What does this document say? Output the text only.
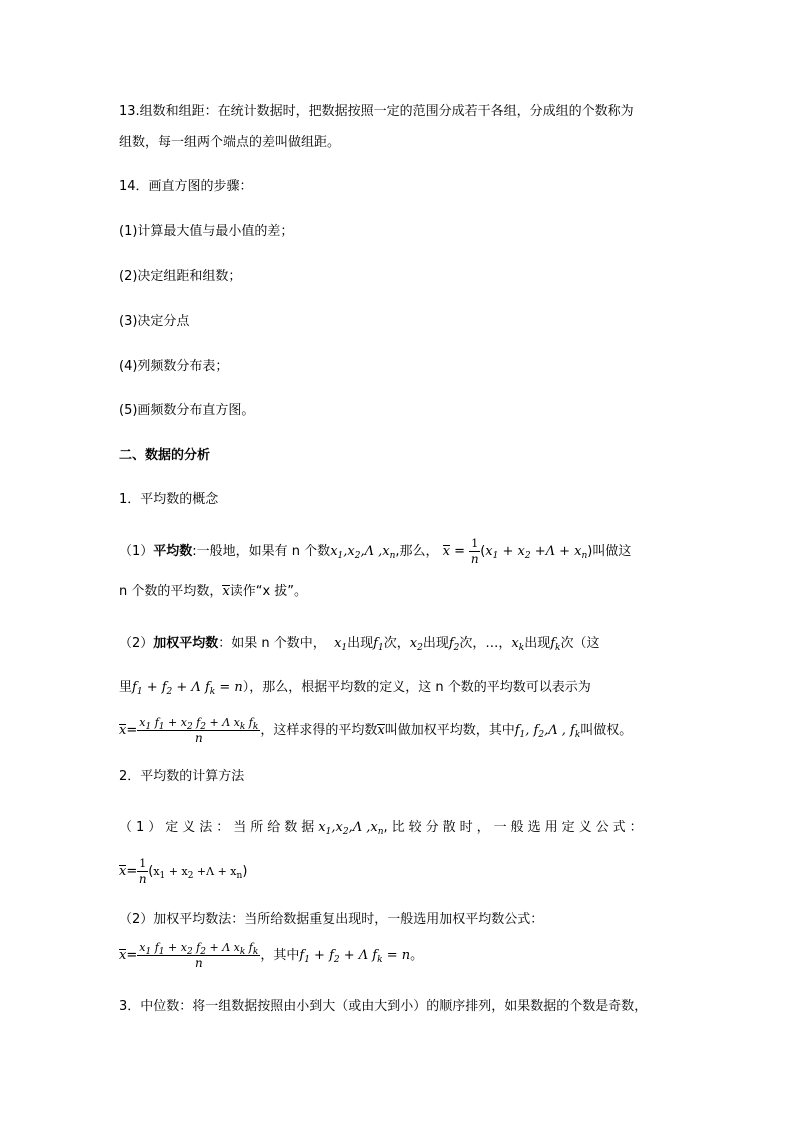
13.组数和组距：在统计数据时，把数据按照一定的范围分成若干各组，分成组的个数称为
组数，每一组两个端点的差叫做组距。
14．画直方图的步骤：
(1)计算最大值与最小值的差；
(2)决定组距和组数；
(3)决定分点
(4)列频数分布表；
(5)画频数分布直方图。
二、数据的分析
1．平均数的概念
（1）平均数:一般地，如果有 n 个数$x_1,x_2,\Lambda$ $,x_n$,那么， $x = \frac{1}{n} (x_1 + x_2 +\Lambda + x_n)$叫做这
n 个数的平均数，x读作“x 拔”。
（2）加权平均数：如果 n 个数中， $x_1$出现$f_1$次，$x_2$出现$f_2$次，…，$x_k$出现$f_k$次（这
里$f_1 + f_2 + \Lambda$ $f_k = n$），那么，根据平均数的定义，这 n 个数的平均数可以表示为
$x= \frac{x_1 f_1 + x_2 f_2 + \Lambda x_k f_k}{n}$ ，这样求得的平均数x叫做加权平均数，其中$f_1$, $f_2,\Lambda$ , $f_k$叫做权。
2．平均数的计算方法
（1）定义法：当所给数据$x_1,x_2,\Lambda$ $,x_n$,比较分散时，一般选用定义公式：
$x= \frac{1}{n} (x_1 + x_2 +\Lambda + x_n)$
（2）加权平均数法：当所给数据重复出现时，一般选用加权平均数公式：
$x= \frac{x_1 f_1 + x_2 f_2 + \Lambda x_k f_k}{n}$ ，其中$f_1 + f_2 + \Lambda$ $f_k = n$。
3．中位数：将一组数据按照由小到大（或由大到小）的顺序排列，如果数据的个数是奇数，
